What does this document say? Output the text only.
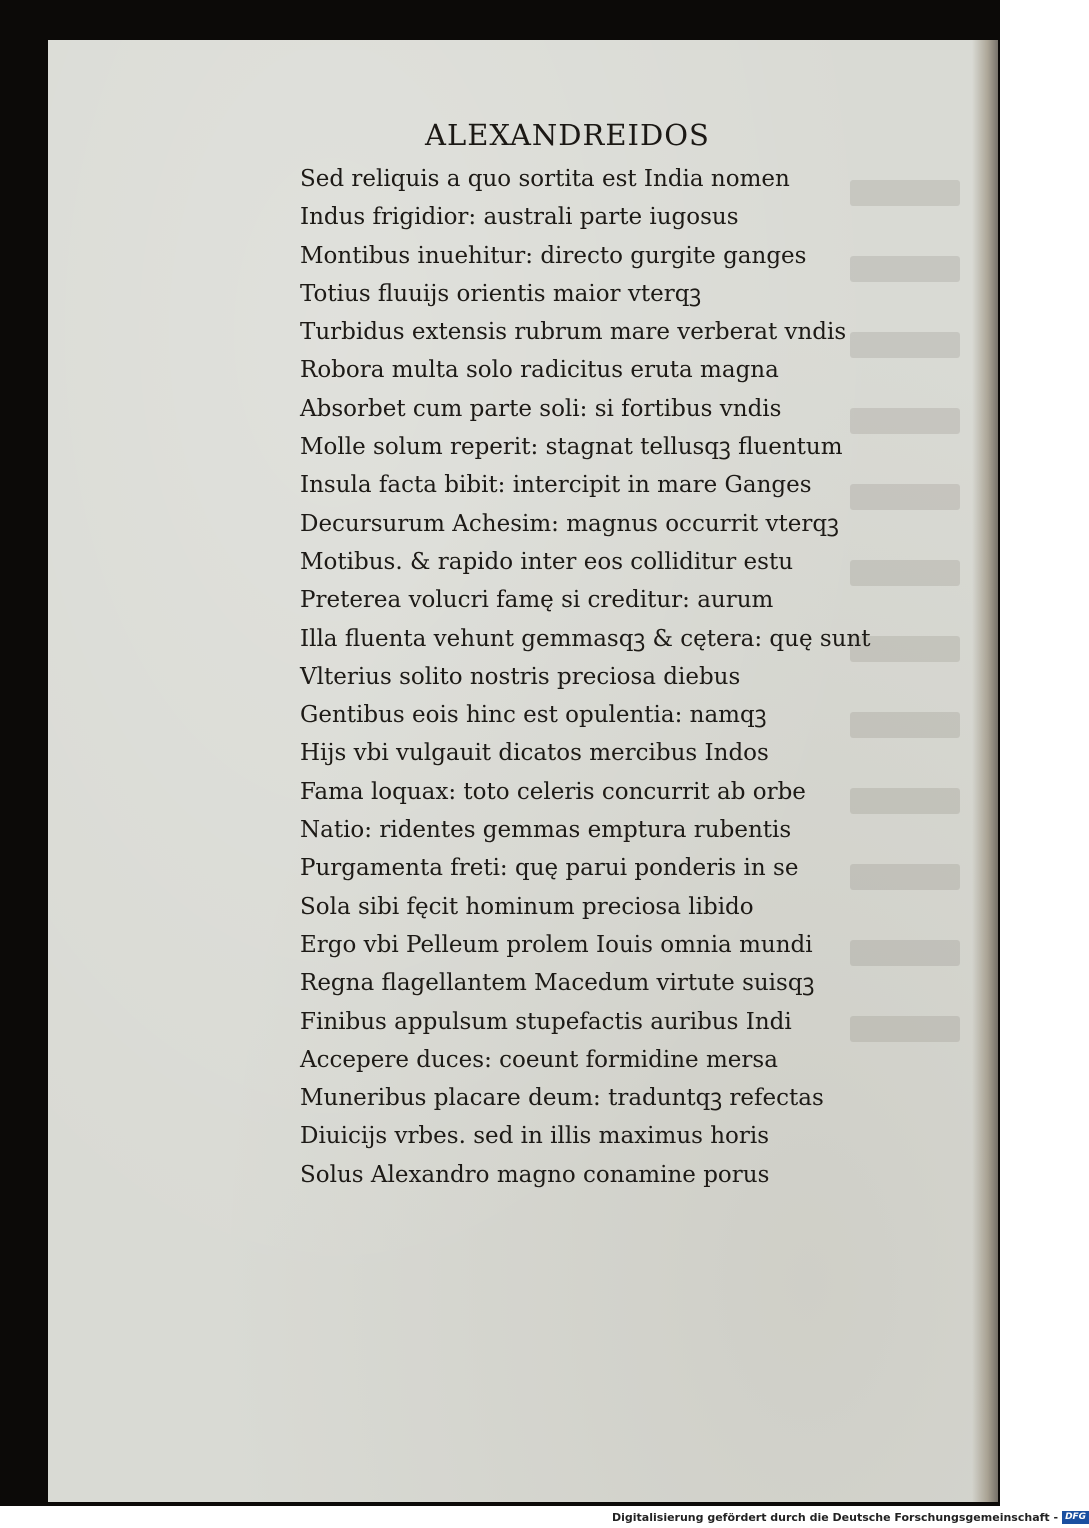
ALEXANDREIDOS
Sed reliquis a quo sortita est India nomen
Indus frigidior: australi parte iugosus
Montibus inuehitur: directo gurgite ganges
Totius fluuijs orientis maior vterqꝫ
Turbidus extensis rubrum mare verberat vndis
Robora multa solo radicitus eruta magna
Absorbet cum parte soli: si fortibus vndis
Molle solum reperit: stagnat tellusqꝫ fluentum
Insula facta bibit: intercipit in mare Ganges
Decursurum Achesim: magnus occurrit vterqꝫ
Motibus. & rapido inter eos colliditur estu
Preterea volucri famę si creditur: aurum
Illa fluenta vehunt gemmasqꝫ & cętera: quę sunt
Vlterius solito nostris preciosa diebus
Gentibus eois hinc est opulentia: namqꝫ
Hijs vbi vulgauit dicatos mercibus Indos
Fama loquax: toto celeris concurrit ab orbe
Natio: ridentes gemmas emptura rubentis
Purgamenta freti: quę parui ponderis in se
Sola sibi fęcit hominum preciosa libido
Ergo vbi Pelleum prolem Iouis omnia mundi
Regna flagellantem Macedum virtute suisqꝫ
Finibus appulsum stupefactis auribus Indi
Accepere duces: coeunt formidine mersa
Muneribus placare deum: traduntqꝫ refectas
Diuicijs vrbes. sed in illis maximus horis
Solus Alexandro magno conamine porus
Digitalisierung gefördert durch die Deutsche Forschungsgemeinschaft - DFG
